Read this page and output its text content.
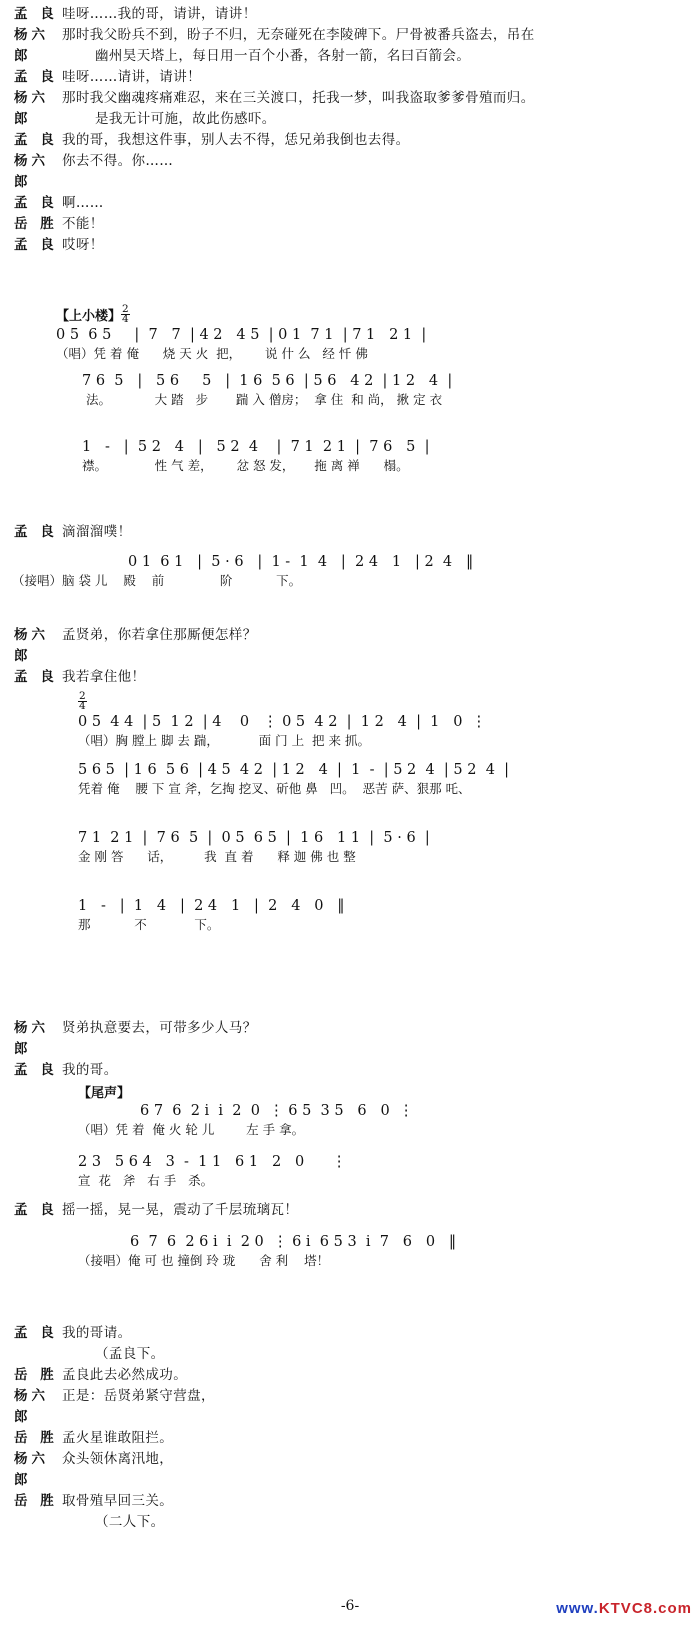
孟 良 哇呀……我的哥，请讲，请讲！
杨六郎
那时我父盼兵不到，盼子不归，无奈碰死在李陵碑下。尸骨被番兵盗去，吊在
幽州昊天塔上，每日用一百个小番，各射一箭，名曰百箭会。
孟 良 哇呀……请讲，请讲！
杨六郎
那时我父幽魂疼痛难忍，来在三关渡口，托我一梦，叫我盗取爹爹骨殖而归。
是我无计可施，故此伤感吓。
孟 良 我的哥，我想这件事，别人去不得，恁兄弟我倒也去得。
杨六郎
你去不得。你……
孟 良 啊……
岳 胜 不能！
孟 良 哎呀！
【上小楼】 $\frac{2}{4}$
0 5  6 5     |  7   7  | 4 2   4 5  | 0 1  7 1  | 7 1   2 1  |
（唱）凭 着 俺      烧 天 火  把，      说 什 么   经 忏 佛
7 6  5   |   5 6     5   |  1 6  5 6  | 5 6   4 2  | 1 2   4  |
法。           大 踏   步       踹 入 僧房；  拿 住  和 尚， 揪 定 衣
1   -   |  5 2   4   |   5 2  4    |  7 1  2 1  |  7 6   5  |
襟。            性 气 差，      忿 怒 发，     拖 离 禅      榻。
孟 良 滴溜溜噗！
0 1  6 1   |  5 · 6   |  1 -  1  4   |  2 4   1   | 2  4   ‖
（接唱）脑 袋 儿    殿    前              阶           下。
杨六郎
孟贤弟，你若拿住那厮便怎样？
孟 良 我若拿住他！
$\frac{2}{4}$
0 5  4 4  | 5  1 2  | 4    0   ⋮ 0 5  4 2  |  1 2   4  |  1   0  ⋮
（唱）胸 膛上 脚 去 踹，          面 门 上  把 来 抓。
5 6 5  | 1 6  5 6  | 4 5  4 2  | 1 2   4  |  1  -  | 5 2  4  | 5 2  4  |
凭着 俺    腰 下 宣 斧，乞掏 挖叉、斫他 鼻   凹。  恶苦 萨、狠那 吒、
7 1  2 1  |  7 6  5  |  0 5  6 5  |  1 6   1 1  |  5 · 6  |
金 刚 答      话，        我  直 着      释 迦 佛 也 整
1   -   |  1   4   |  2 4   1   |  2   4   0   ‖
那           不            下。
杨六郎
贤弟执意要去，可带多少人马？
孟 良 我的哥。
【尾声】
6 7  6  2 i  i  2  0  ⋮ 6 5  3 5   6   0  ⋮
（唱）凭 着  俺 火 轮 儿        左 手 拿。
2 3   5 6 4   3  -  1 1   6 1   2   0      ⋮
宣  花   斧   右 手   杀。
孟 良 摇一摇，晃一晃，震动了千层琉璃瓦！
6  7  6  2 6 i  i  2 0  ⋮ 6 i  6 5 3  i  7   6   0   ‖
（接唱）俺 可 也 撞倒 玲 珑      舍 利    塔！
孟 良 我的哥请。
（孟良下。
岳 胜 孟良此去必然成功。
杨六郎
正是：岳贤弟紧守营盘，
岳 胜 孟火星谁敢阻拦。
杨六郎
众头领休离汛地，
岳 胜 取骨殖早回三关。
（二人下。
-6-	www.KTVC8.com
